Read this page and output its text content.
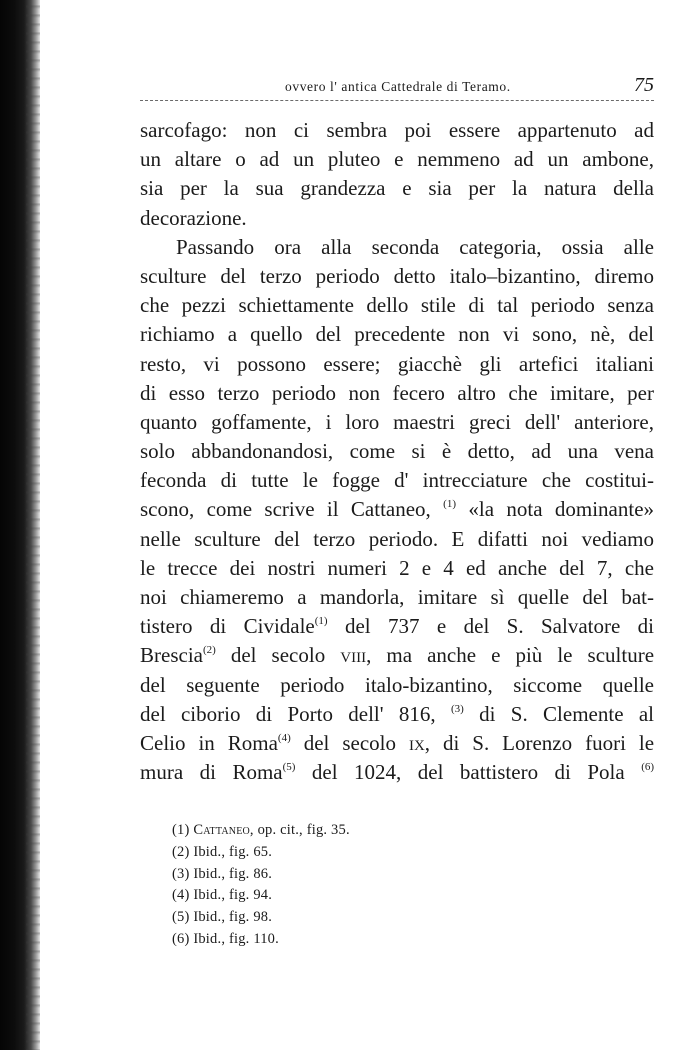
ovvero l' antica Cattedrale di Teramo.	75
sarcofago: non ci sembra poi essere appartenuto ad
un altare o ad un pluteo e nemmeno ad un ambone,
sia per la sua grandezza e sia per la natura della
decorazione.
Passando ora alla seconda categoria, ossia alle
sculture del terzo periodo detto italo–bizantino, diremo
che pezzi schiettamente dello stile di tal periodo senza
richiamo a quello del precedente non vi sono, nè, del
resto, vi possono essere; giacchè gli artefici italiani
di esso terzo periodo non fecero altro che imitare, per
quanto goffamente, i loro maestri greci dell' anteriore,
solo abbandonandosi, come si è detto, ad una vena
feconda di tutte le fogge d' intrecciature che costitui-
scono, come scrive il Cattaneo, $^{(1)}$ «la nota dominante»
nelle sculture del terzo periodo. E difatti noi vediamo
le trecce dei nostri numeri 2 e 4 ed anche del 7, che
noi chiameremo a mandorla, imitare sì quelle del bat-
tistero di Cividale$^{(1)}$ del 737 e del S. Salvatore di
Brescia$^{(2)}$ del secolo viii, ma anche e più le sculture
del seguente periodo italo-bizantino, siccome quelle
del ciborio di Porto dell' 816, $^{(3)}$ di S. Clemente al
Celio in Roma$^{(4)}$ del secolo ix, di S. Lorenzo fuori le
mura di Roma$^{(5)}$ del 1024, del battistero di Pola $^{(6)}$
(1) Cattaneo, op. cit., fig. 35.
(2) Ibid., fig. 65.
(3) Ibid., fig. 86.
(4) Ibid., fig. 94.
(5) Ibid., fig. 98.
(6) Ibid., fig. 110.
